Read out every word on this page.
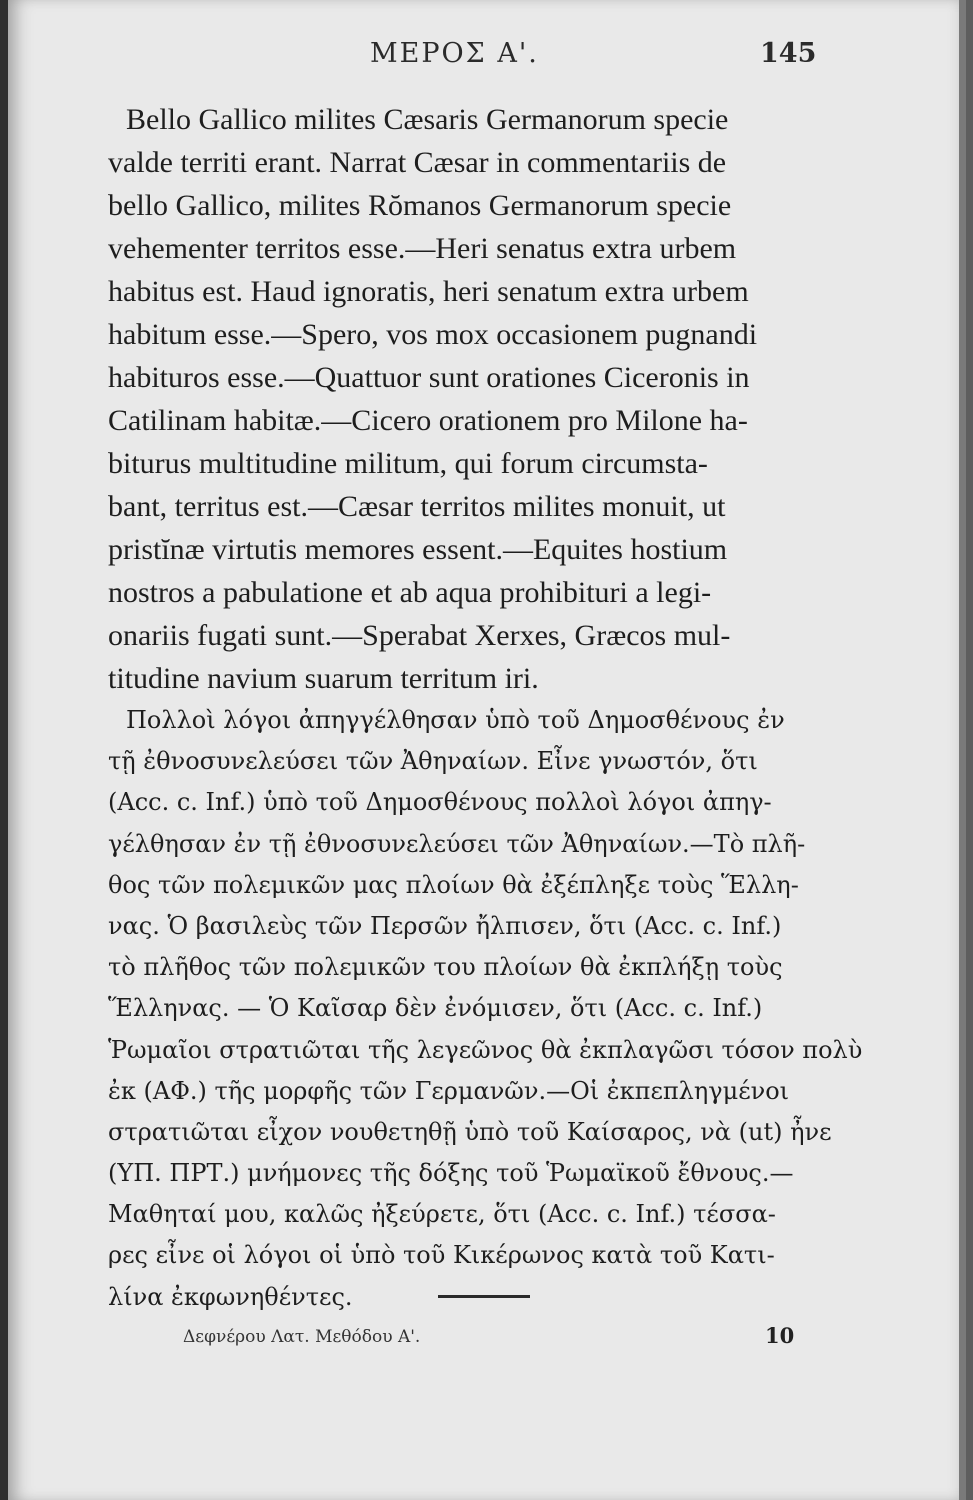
ΜΕΡΟΣ Α'.	145
Bello Gallico milites Cæsaris Germanorum specie
valde territi erant. Narrat Cæsar in commentariis de
bello Gallico, milites Rŏmanos Germanorum specie
vehementer territos esse.—Heri senatus extra urbem
habitus est. Haud ignoratis, heri senatum extra urbem
habitum esse.—Spero, vos mox occasionem pugnandi
habituros esse.—Quattuor sunt orationes Ciceronis in
Catilinam habitæ.—Cicero orationem pro Milone ha-
biturus multitudine militum, qui forum circumsta-
bant, territus est.—Cæsar territos milites monuit, ut
pristĭnæ virtutis memores essent.—Equites hostium
nostros a pabulatione et ab aqua prohibituri a legi-
onariis fugati sunt.—Sperabat Xerxes, Græcos mul-
titudine navium suarum territum iri.
Πολλοὶ λόγοι ἀπηγγέλθησαν ὑπὸ τοῦ Δημοσθένους ἐν
τῇ ἐθνοσυνελεύσει τῶν Ἀθηναίων. Εἶνε γνωστόν, ὅτι
(Acc. c. Inf.) ὑπὸ τοῦ Δημοσθένους πολλοὶ λόγοι ἀπηγ-
γέλθησαν ἐν τῇ ἐθνοσυνελεύσει τῶν Ἀθηναίων.—Τὸ πλῆ-
θος τῶν πολεμικῶν μας πλοίων θὰ ἐξέπληξε τοὺς Ἕλλη-
νας. Ὁ βασιλεὺς τῶν Περσῶν ἤλπισεν, ὅτι (Acc. c. Inf.)
τὸ πλῆθος τῶν πολεμικῶν του πλοίων θὰ ἐκπλήξῃ τοὺς
Ἕλληνας. — Ὁ Καῖσαρ δὲν ἐνόμισεν, ὅτι (Acc. c. Inf.)
Ῥωμαῖοι στρατιῶται τῆς λεγεῶνος θὰ ἐκπλαγῶσι τόσον πολὺ
ἐκ (ΑΦ.) τῆς μορφῆς τῶν Γερμανῶν.—Οἱ ἐκπεπληγμένοι
στρατιῶται εἶχον νουθετηθῇ ὑπὸ τοῦ Καίσαρος, νὰ (ut) ἦνε
(ΥΠ. ΠΡΤ.) μνήμονες τῆς δόξης τοῦ Ῥωμαϊκοῦ ἔθνους.—
Μαθηταί μου, καλῶς ἠξεύρετε, ὅτι (Acc. c. Inf.) τέσσα-
ρες εἶνε οἱ λόγοι οἱ ὑπὸ τοῦ Κικέρωνος κατὰ τοῦ Κατι-
λίνα ἐκφωνηθέντες.
Δεφνέρου Λατ. Μεθόδου Α'.	10
